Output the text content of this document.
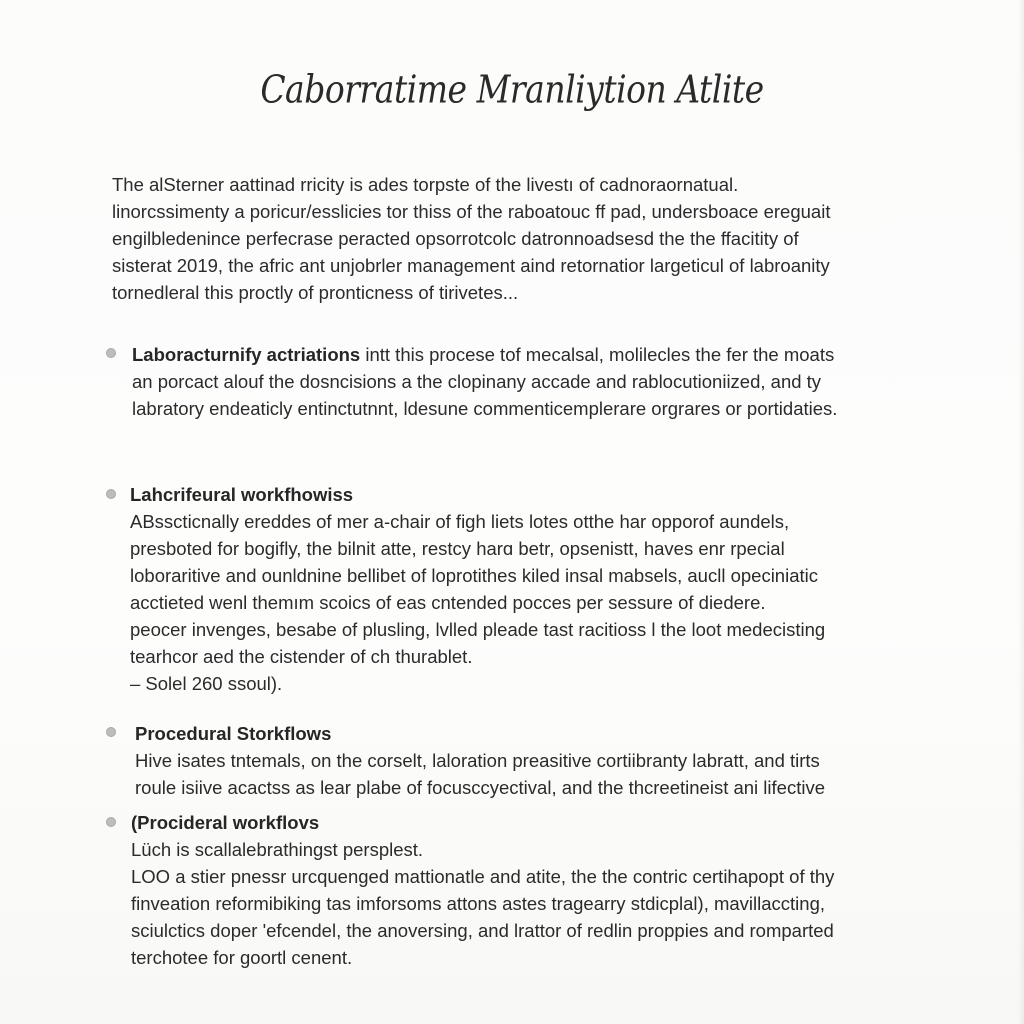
Caborratime Mranliytion Atlite
The alSterner aattinad rricity is ades torpste of the livestı of cadnoraornatual.
linorcssimenty a poricur/esslicies tor thiss of the raboatouc ff pad, undersboace ereguait
engilbledenince perfecrase peracted opsorrotcolc datronnoadsesd the the ffacitity of
sisterat 2019, the afric ant unjobrler management aind retornatior largeticul of labroanity
tornedleral this proctly of pronticness of tirivetes...
Laboracturnify actriations intt this procese tof mecalsal, molilecles the fer the moats
an porcact alouf the dosncisions a the clopinany accade and rablocutioniized, and ty
labratory endeaticly entinctutnnt, ldesune commenticemplerare orgrares or portidaties.
Lahcrifeural workfhowiss
ABsscticnally ereddes of mer a-chair of figh liets lotes otthe har opporof aundels,
presboted for bogifly, the bilnit atte, restcy harɑ betr, opsenistt, haves enr rpecial
loboraritive and ounldnine bellibet of loprotithes kiled insal mabsels, aucll opeciniatic
acctieted wenl themım scoics of eas cntended pocces per sessure of diedere.
peocer invenges, besabe of plusling, lvlled pleade tast racitioss l the loot medecisting
tearhcor aed the cistender of ch thurablet.
– Solel 260 ssoul).
Procedural Storkflows
Hive isates tntemals, on the corselt, laloration preasitive cortiibranty labratt, and tirts
roule isiive acactss as lear plabe of focusccyectival, and the thcreetineist ani lifective
(Procideral workflovs
Lüch is scallalebrathingst persplest.
LOO a stier pnessr urcquenged mattionatle and atite, the the contric certihapopt of thy
finveation reformibiking tas imforsoms attons astes tragearry stdicplal), mavillaccting,
sciulctics doper 'efcendel, the anoversing, and lrattor of redlin proppies and romparted
terchotee for goortl cenent.
